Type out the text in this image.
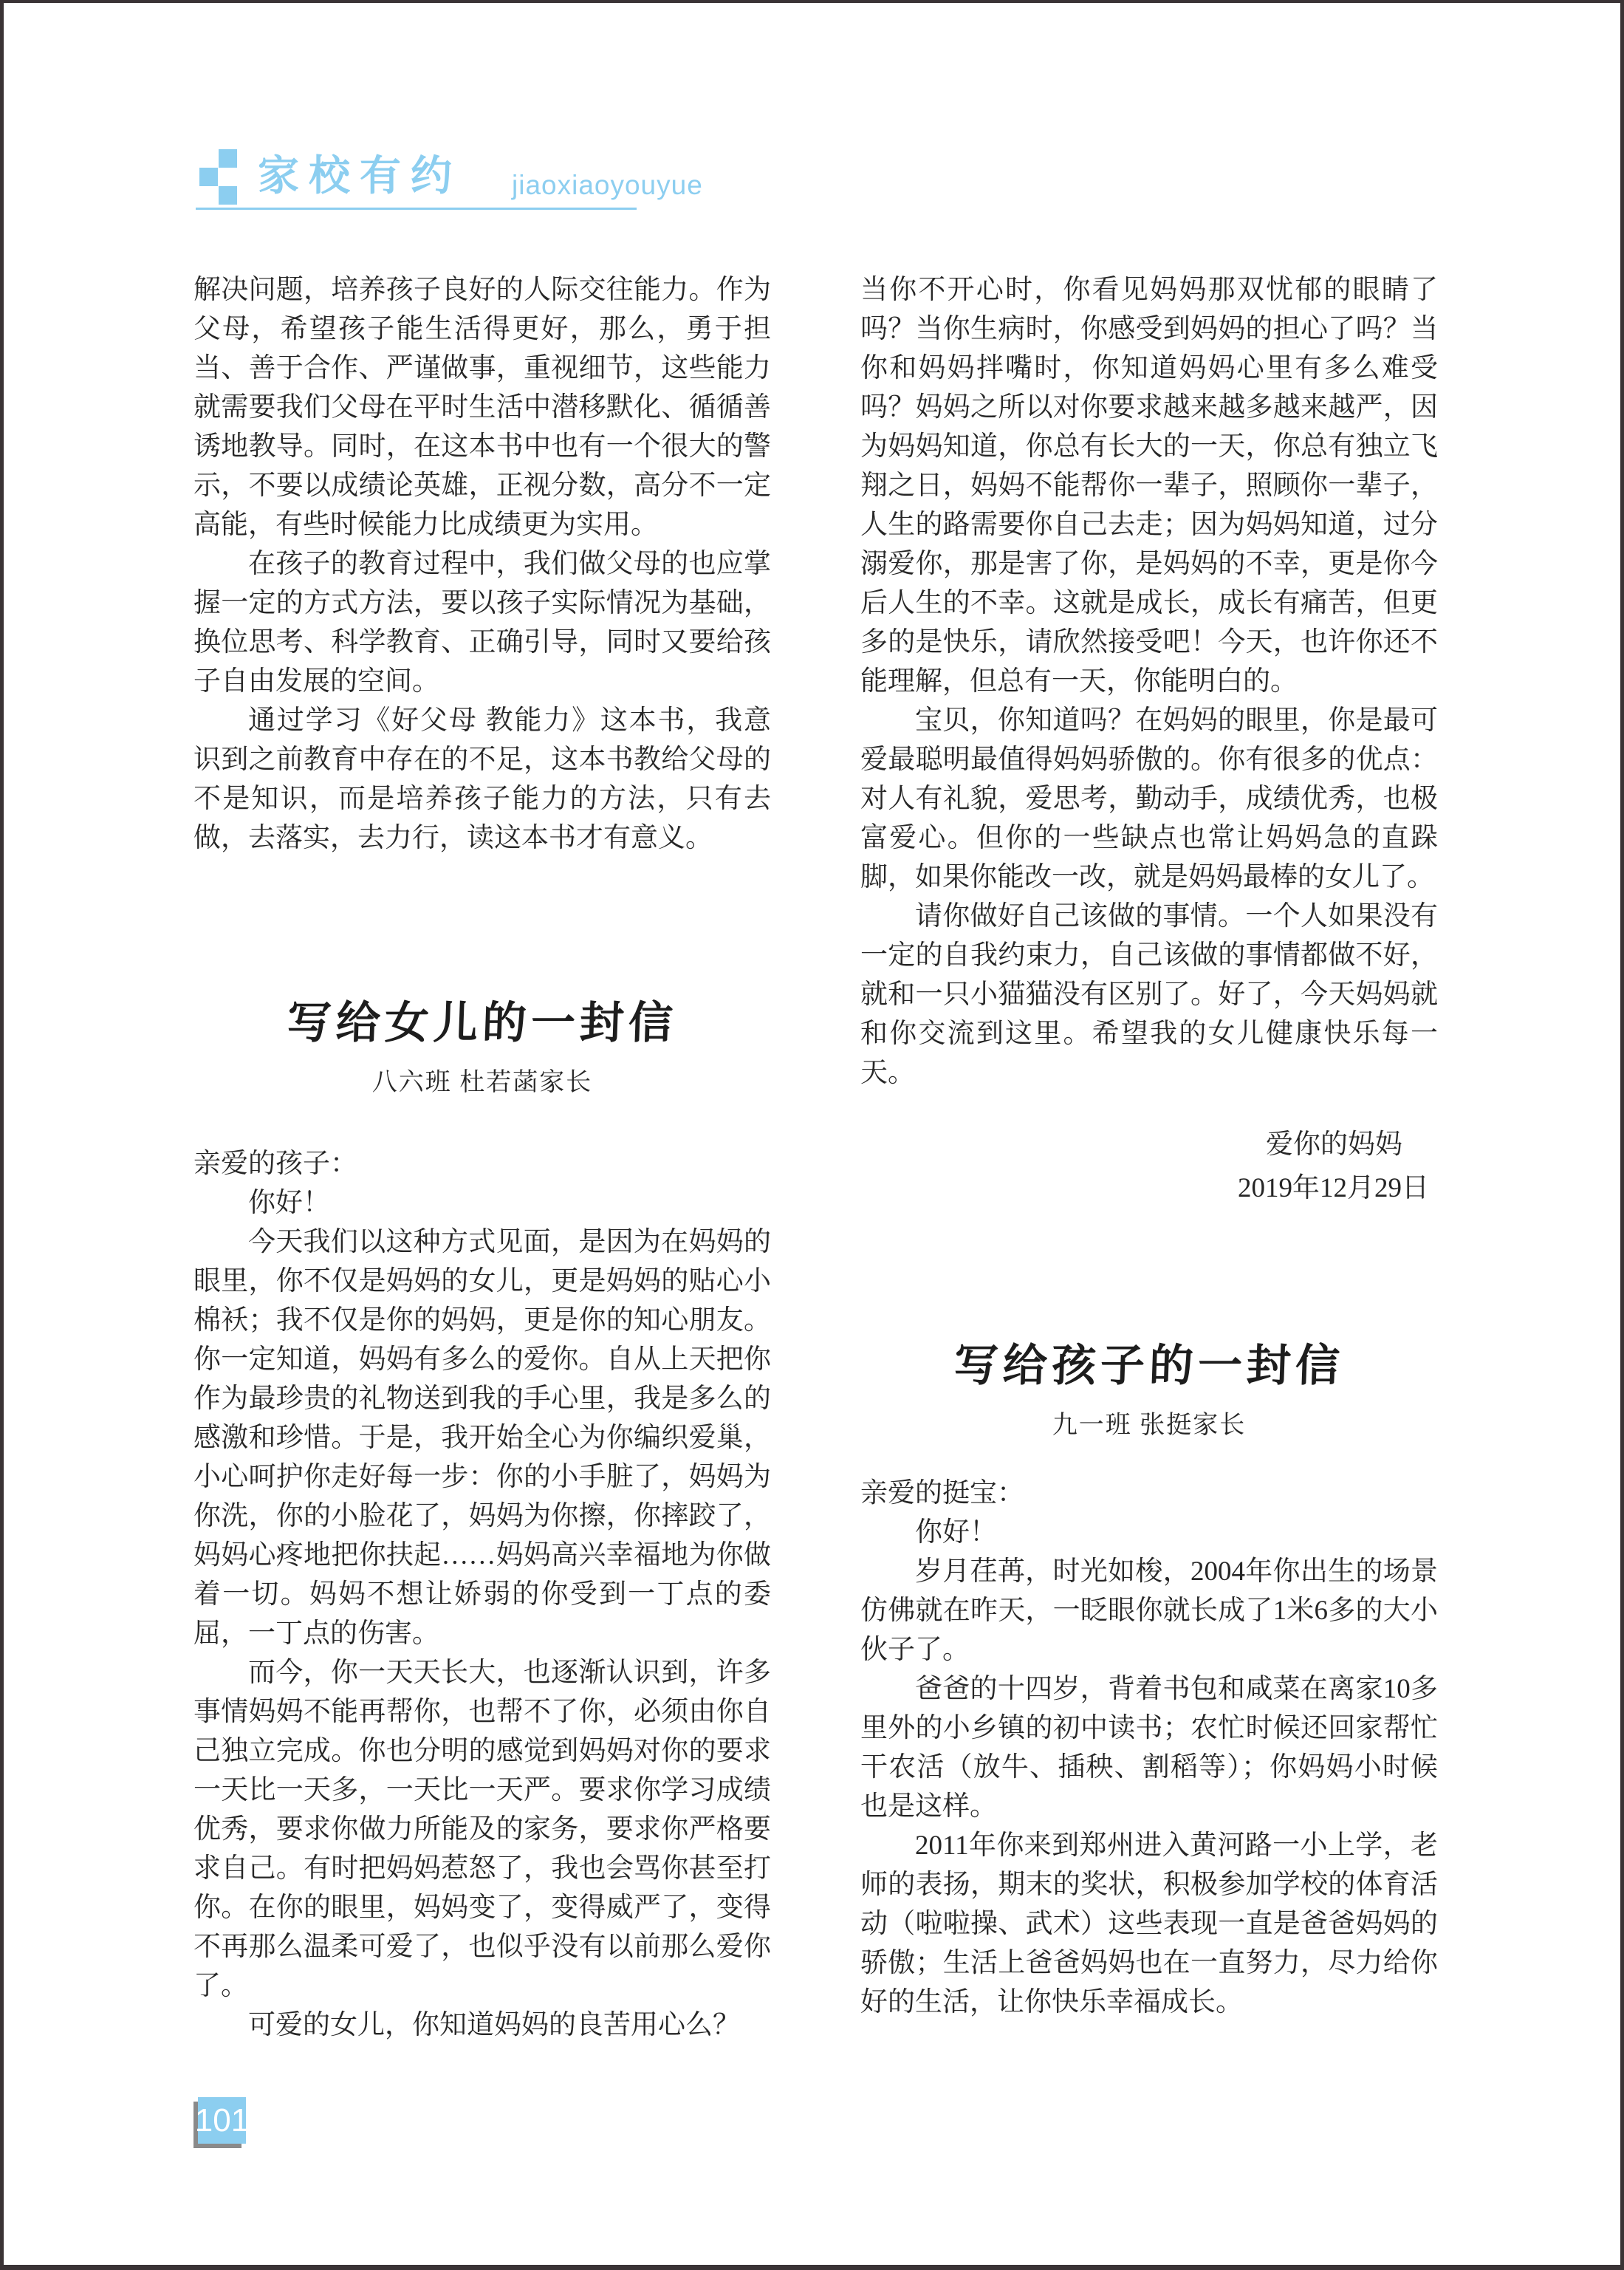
家校有约 jiaoxiaoyouyue

解决问题，培养孩子良好的人际交往能力。作为父母，希望孩子能生活得更好，那么，勇于担当、善于合作、严谨做事，重视细节，这些能力就需要我们父母在平时生活中潜移默化、循循善诱地教导。同时，在这本书中也有一个很大的警示，不要以成绩论英雄，正视分数，高分不一定高能，有些时候能力比成绩更为实用。

在孩子的教育过程中，我们做父母的也应掌握一定的方式方法，要以孩子实际情况为基础，换位思考、科学教育、正确引导，同时又要给孩子自由发展的空间。

通过学习《好父母 教能力》这本书，我意识到之前教育中存在的不足，这本书教给父母的不是知识，而是培养孩子能力的方法，只有去做，去落实，去力行，读这本书才有意义。

写给女儿的一封信

八六班 杜若菡家长

亲爱的孩子：

你好！

今天我们以这种方式见面，是因为在妈妈的眼里，你不仅是妈妈的女儿，更是妈妈的贴心小棉袄；我不仅是你的妈妈，更是你的知心朋友。你一定知道，妈妈有多么的爱你。自从上天把你作为最珍贵的礼物送到我的手心里，我是多么的感激和珍惜。于是，我开始全心为你编织爱巢，小心呵护你走好每一步：你的小手脏了，妈妈为你洗，你的小脸花了，妈妈为你擦，你摔跤了，妈妈心疼地把你扶起……妈妈高兴幸福地为你做着一切。妈妈不想让娇弱的你受到一丁点的委屈，一丁点的伤害。

而今，你一天天长大，也逐渐认识到，许多事情妈妈不能再帮你，也帮不了你，必须由你自己独立完成。你也分明的感觉到妈妈对你的要求一天比一天多，一天比一天严。要求你学习成绩优秀，要求你做力所能及的家务，要求你严格要求自己。有时把妈妈惹怒了，我也会骂你甚至打你。在你的眼里，妈妈变了，变得威严了，变得不再那么温柔可爱了，也似乎没有以前那么爱你了。

可爱的女儿，你知道妈妈的良苦用心么？

当你不开心时，你看见妈妈那双忧郁的眼睛了吗？当你生病时，你感受到妈妈的担心了吗？当你和妈妈拌嘴时，你知道妈妈心里有多么难受吗？妈妈之所以对你要求越来越多越来越严，因为妈妈知道，你总有长大的一天，你总有独立飞翔之日，妈妈不能帮你一辈子，照顾你一辈子，人生的路需要你自己去走；因为妈妈知道，过分溺爱你，那是害了你，是妈妈的不幸，更是你今后人生的不幸。这就是成长，成长有痛苦，但更多的是快乐，请欣然接受吧！今天，也许你还不能理解，但总有一天，你能明白的。

宝贝，你知道吗？在妈妈的眼里，你是最可爱最聪明最值得妈妈骄傲的。你有很多的优点：对人有礼貌，爱思考，勤动手，成绩优秀，也极富爱心。但你的一些缺点也常让妈妈急的直跺脚，如果你能改一改，就是妈妈最棒的女儿了。

请你做好自己该做的事情。一个人如果没有一定的自我约束力，自己该做的事情都做不好，就和一只小猫猫没有区别了。好了，今天妈妈就和你交流到这里。希望我的女儿健康快乐每一天。

爱你的妈妈

2019年12月29日

写给孩子的一封信

九一班 张挺家长

亲爱的挺宝：

你好！

岁月荏苒，时光如梭，2004年你出生的场景仿佛就在昨天，一眨眼你就长成了1米6多的大小伙子了。

爸爸的十四岁，背着书包和咸菜在离家10多里外的小乡镇的初中读书；农忙时候还回家帮忙干农活（放牛、插秧、割稻等）；你妈妈小时候也是这样。

2011年你来到郑州进入黄河路一小上学，老师的表扬，期末的奖状，积极参加学校的体育活动（啦啦操、武术）这些表现一直是爸爸妈妈的骄傲；生活上爸爸妈妈也在一直努力，尽力给你好的生活，让你快乐幸福成长。

101
